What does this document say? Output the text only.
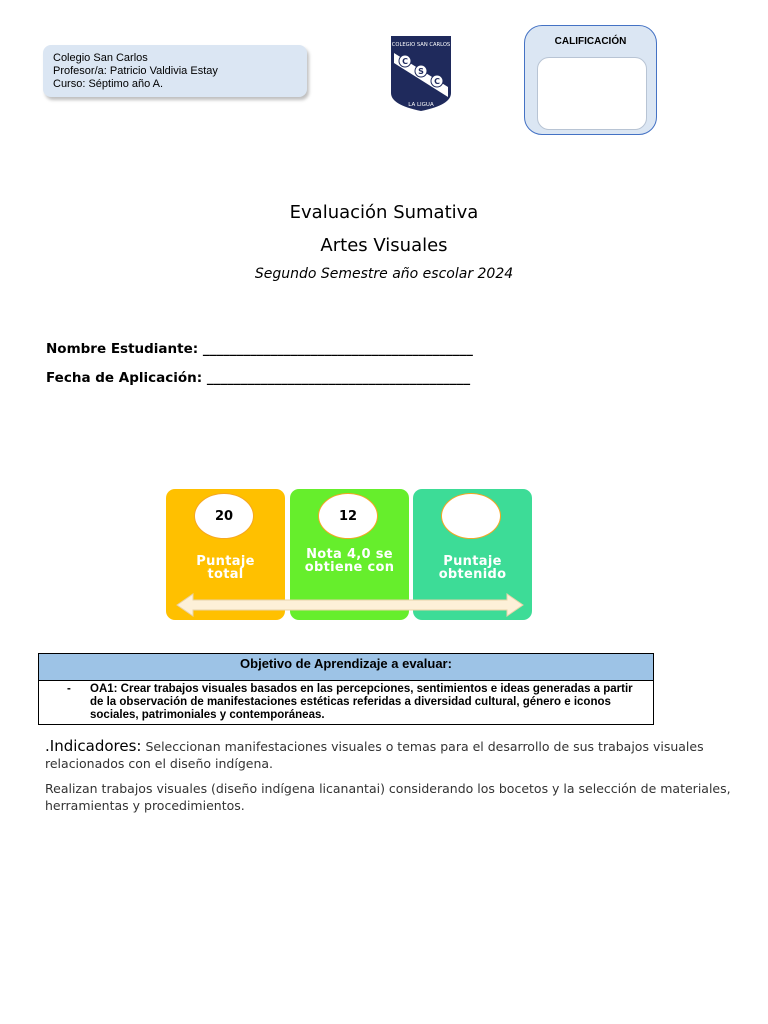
Colegio San Carlos
Profesor/a: Patricio Valdivia Estay
Curso: Séptimo año A.
COLEGIO SAN CARLOS
C
S
C
LA LIGUA
CALIFICACIÓN
Evaluación Sumativa
Artes Visuales
Segundo Semestre año escolar 2024
Nombre Estudiante: ________________________________________
Fecha de Aplicación: _______________________________________
20
Puntaje total
12
Nota 4,0 se obtiene con	Puntaje obtenido
Objetivo de Aprendizaje a evaluar:
- OA1: Crear trabajos visuales basados en las percepciones, sentimientos e ideas generadas a partir de la observación de manifestaciones estéticas referidas a diversidad cultural, género e iconos sociales, patrimoniales y contemporáneas.
.Indicadores: Seleccionan manifestaciones visuales o temas para el desarrollo de sus trabajos visuales relacionados con el diseño indígena.
Realizan trabajos visuales (diseño indígena licanantai) considerando los bocetos y la selección de materiales, herramientas y procedimientos.
